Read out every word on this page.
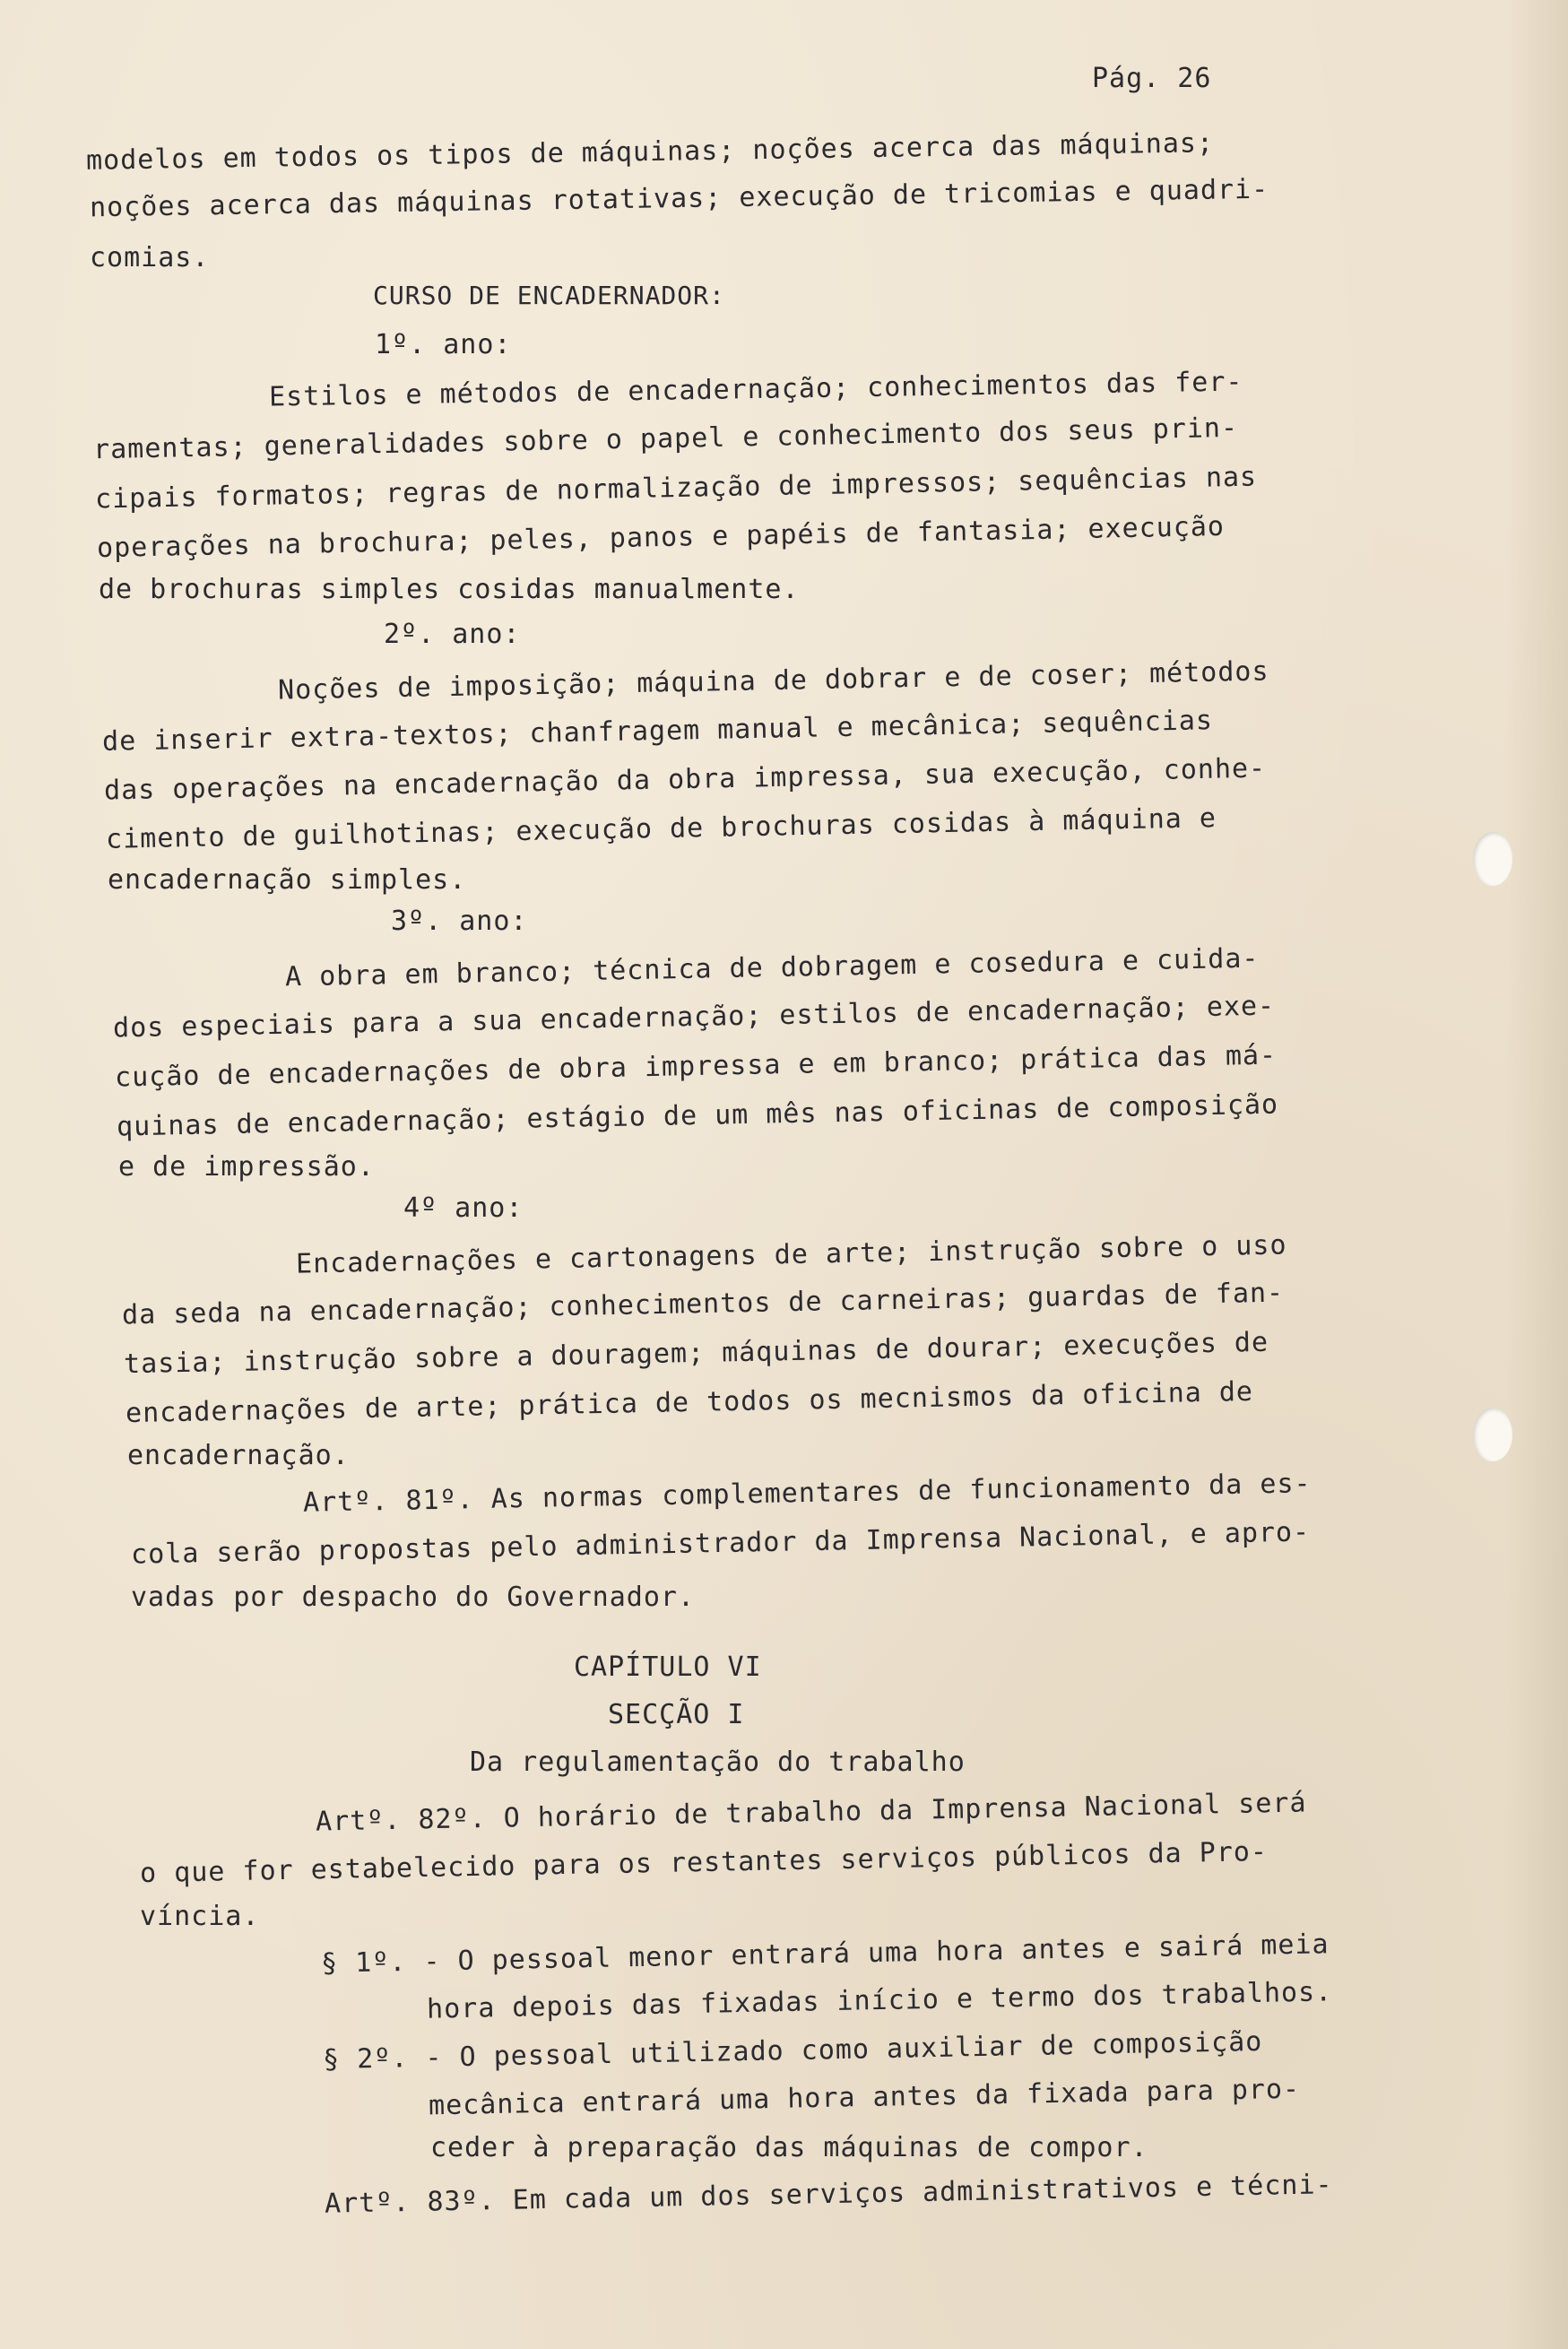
Pág. 26
modelos em todos os tipos de máquinas; noções acerca das máquinas;
noções acerca das máquinas rotativas; execução de tricomias e quadri-
comias.
CURSO DE ENCADERNADOR:
1º. ano:
Estilos e métodos de encadernação; conhecimentos das fer-
ramentas; generalidades sobre o papel e conhecimento dos seus prin-
cipais formatos; regras de normalização de impressos; sequências nas
operações na brochura; peles, panos e papéis de fantasia; execução
de brochuras simples cosidas manualmente.
2º. ano:
Noções de imposição; máquina de dobrar e de coser; métodos
de inserir extra-textos; chanfragem manual e mecânica; sequências
das operações na encadernação da obra impressa, sua execução, conhe-
cimento de guilhotinas; execução de brochuras cosidas à máquina e
encadernação simples.
3º. ano:
A obra em branco; técnica de dobragem e cosedura e cuida-
dos especiais para a sua encadernação; estilos de encadernação; exe-
cução de encadernações de obra impressa e em branco; prática das má-
quinas de encadernação; estágio de um mês nas oficinas de composição
e de impressão.
4º ano:
Encadernações e cartonagens de arte; instrução sobre o uso
da seda na encadernação; conhecimentos de carneiras; guardas de fan-
tasia; instrução sobre a douragem; máquinas de dourar; execuções de
encadernações de arte; prática de todos os mecnismos da oficina de
encadernação.
Artº. 81º. As normas complementares de funcionamento da es-
cola serão propostas pelo administrador da Imprensa Nacional, e apro-
vadas por despacho do Governador.
CAPÍTULO VI
SECÇÃO I
Da regulamentação do trabalho
Artº. 82º. O horário de trabalho da Imprensa Nacional será
o que for estabelecido para os restantes serviços públicos da Pro-
víncia.
§ 1º. - O pessoal menor entrará uma hora antes e sairá meia
hora depois das fixadas início e termo dos trabalhos.
§ 2º. - O pessoal utilizado como auxiliar de composição
mecânica entrará uma hora antes da fixada para pro-
ceder à preparação das máquinas de compor.
Artº. 83º. Em cada um dos serviços administrativos e técni-
